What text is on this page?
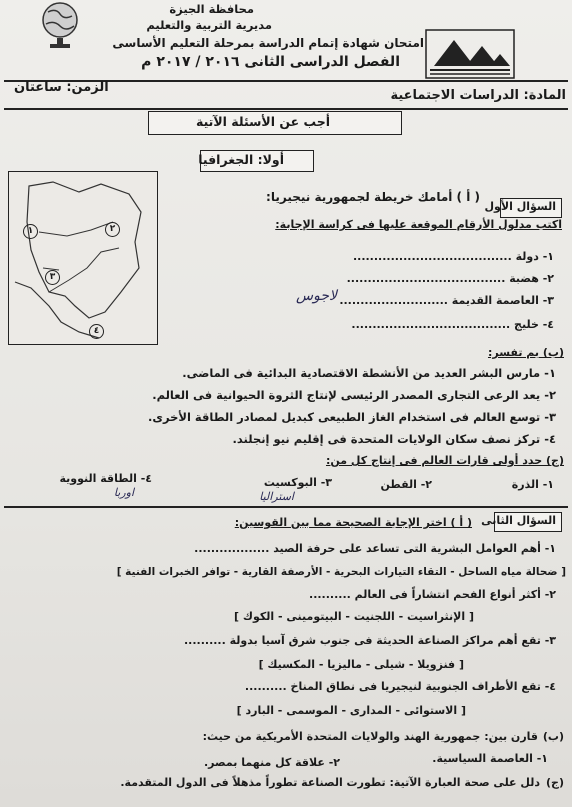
محافظة الجيزة
مديرية التربية والتعليم
امتحان شهادة إتمام الدراسة بمرحلة التعليم الأساسى
الفصل الدراسى الثانى ٢٠١٦ / ٢٠١٧ م
المادة: الدراسات الاجتماعية
الزمن: ساعتان
أجب عن الأسئلة الآتية
أولا: الجغرافيا
١	٢
٣
٤
السؤال الأول
( أ ) أمامك خريطة لجمهورية نيجيريا:
اكتب مدلول الأرقام الموقعة عليها فى كراسة الإجابة:
١- دولة ......................................
٢- هضبة ......................................
٣- العاصمة القديمة ..........................
لاجوس
٤- خليج ......................................
(ب) بم تفسر:
١- مارس البشر العديد من الأنشطة الاقتصادية البدائية فى الماضى.
٢- يعد الرعى التجارى المصدر الرئيسى لإنتاج الثروة الحيوانية فى العالم.
٣- توسع العالم فى استخدام الغاز الطبيعى كبديل لمصادر الطاقة الأخرى.
٤- تركز نصف سكان الولايات المتحدة فى إقليم نيو إنجلند.
(ج) حدد أولى قارات العالم فى إنتاج كل من:
١- الذرة
٢- القطن
٣- البوكسيت
استراليا
٤- الطاقة النووية
اوربا
السؤال الثانى
( أ ) اختر الإجابة الصحيحة مما بين القوسين:
١- أهم العوامل البشرية التى تساعد على حرفة الصيد ..................
[ ضحالة مياه الساحل - التقاء التيارات البحرية - الأرصفة القارية - توافر الخبرات الفنية ]
٢- أكثر أنواع الفحم انتشاراً فى العالم ..........
[ الإنثراسيت - اللجنيت - البيتومينى - الكوك ]
٣- تقع أهم مراكز الصناعة الحديثة فى جنوب شرق آسيا بدولة ..........
[ فنزويلا - شيلى - ماليزيا - المكسيك ]
٤- تقع الأطراف الجنوبية لنيجيريا فى نطاق المناخ ..........
[ الاستوائى - المدارى - الموسمى - البارد ]
(ب)
قارن بين: جمهورية الهند والولايات المتحدة الأمريكية من حيث:
١- العاصمة السياسية.
٢- علاقة كل منهما بمصر.
(ج)
دلل على صحة العبارة الآتية: تطورت الصناعة تطوراً مذهلاً فى الدول المتقدمة.
